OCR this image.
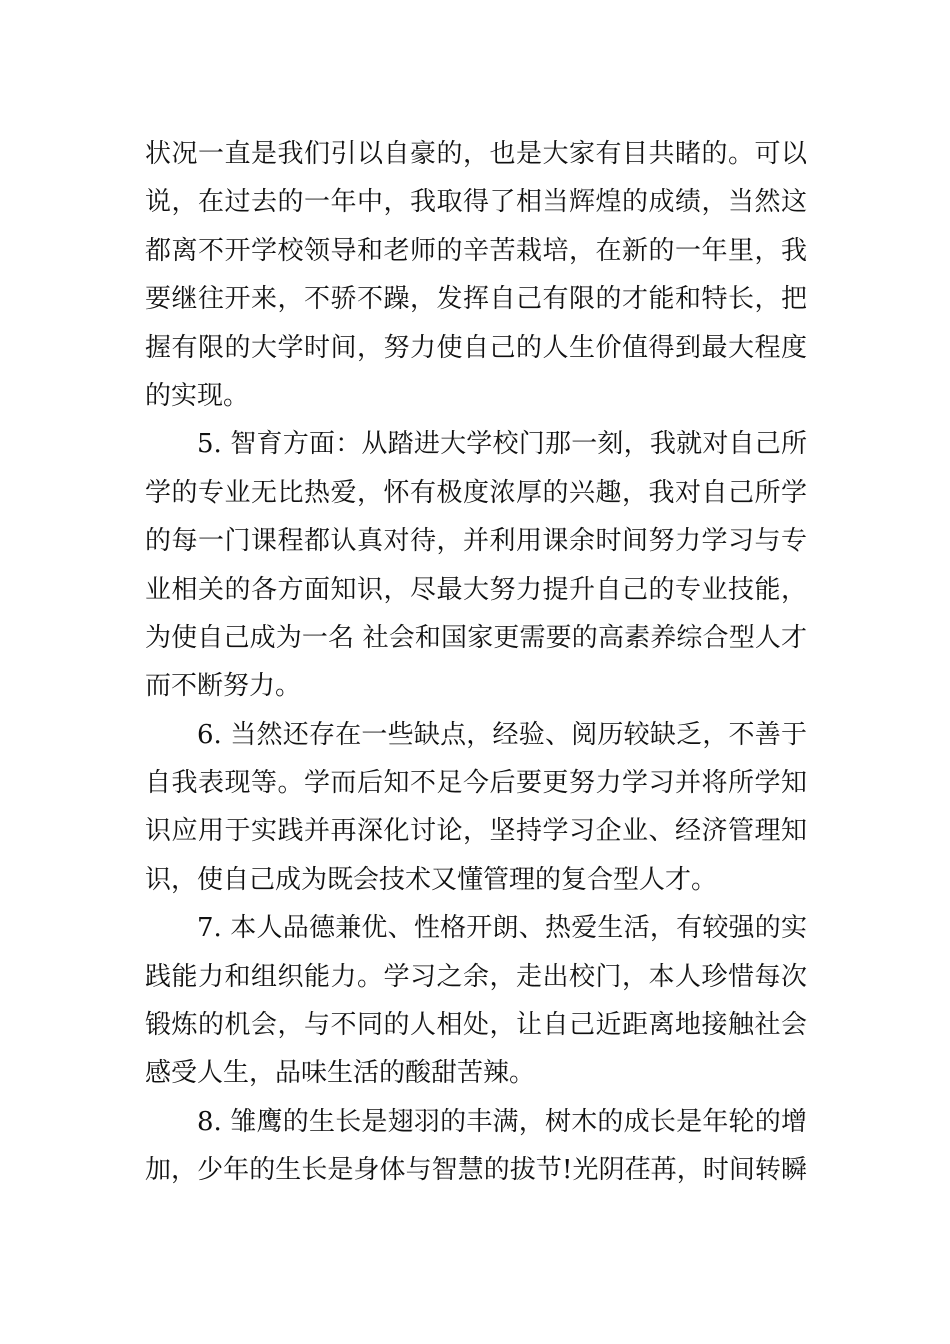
状况一直是我们引以自豪的，也是大家有目共睹的。可以
说，在过去的一年中，我取得了相当辉煌的成绩，当然这
都离不开学校领导和老师的辛苦栽培，在新的一年里，我
要继往开来，不骄不躁，发挥自己有限的才能和特长，把
握有限的大学时间，努力使自己的人生价值得到最大程度
的实现。
5. 智育方面：从踏进大学校门那一刻，我就对自己所
学的专业无比热爱，怀有极度浓厚的兴趣，我对自己所学
的每一门课程都认真对待，并利用课余时间努力学习与专
业相关的各方面知识，尽最大努力提升自己的专业技能，
为使自己成为一名 社会和国家更需要的高素养综合型人才
而不断努力。
6. 当然还存在一些缺点，经验、阅历较缺乏，不善于
自我表现等。学而后知不足今后要更努力学习并将所学知
识应用于实践并再深化讨论，坚持学习企业、经济管理知
识，使自己成为既会技术又懂管理的复合型人才。
7. 本人品德兼优、性格开朗、热爱生活，有较强的实
践能力和组织能力。学习之余，走出校门，本人珍惜每次
锻炼的机会，与不同的人相处，让自己近距离地接触社会
感受人生，品味生活的酸甜苦辣。
8. 雏鹰的生长是翅羽的丰满，树木的成长是年轮的增
加，少年的生长是身体与智慧的拔节!光阴荏苒，时间转瞬
